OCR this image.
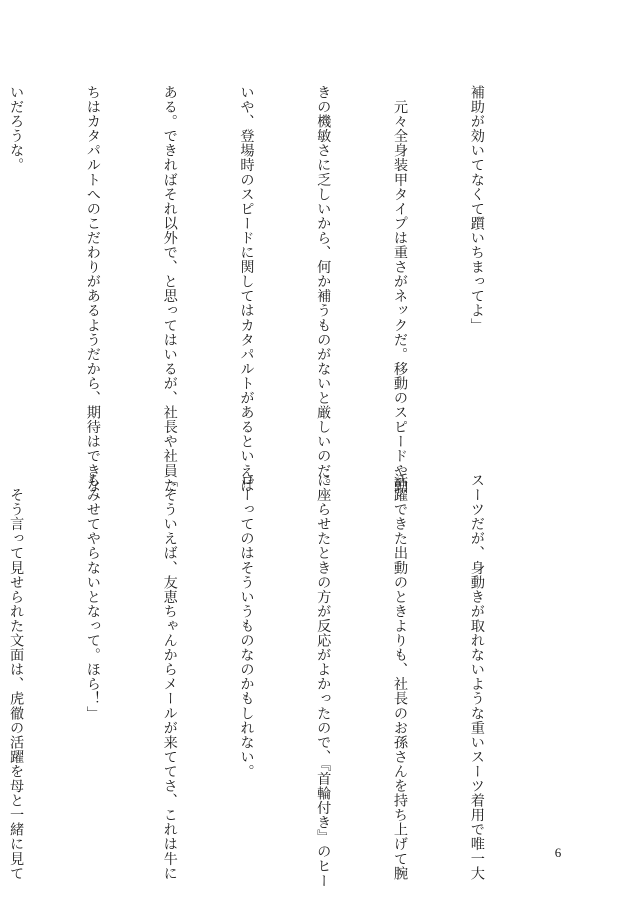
補助が効いてなくて躓いちまってよ」

　元々全身装甲タイプは重さがネックだ。移動のスピードや動

きの機敏さに乏しいから、何か補うものがないと厳しいのだ。

いや、登場時のスピードに関してはカタパルトがあるといえば

ある。できればそれ以外で、と思ってはいるが、社長や社員た

ちはカタパルトへのこだわりがあるようだから、期待はできな

いだろうな。

スーツだが、身動きが取れないような重いスーツ着用で唯一大

活躍できた出動のときよりも、社長のお孫さんを持ち上げて腕

に座らせたときの方が反応がよかったので、『首輪付き』のヒー

ローってのはそういうものなのかもしれない。

「そういえば、友恵ちゃんからメールが来ててさ、これは牛に

もみせてやらないとなって。ほら！」

　そう言って見せられた文面は、虎徹の活躍を母と一緒に見て

	6
